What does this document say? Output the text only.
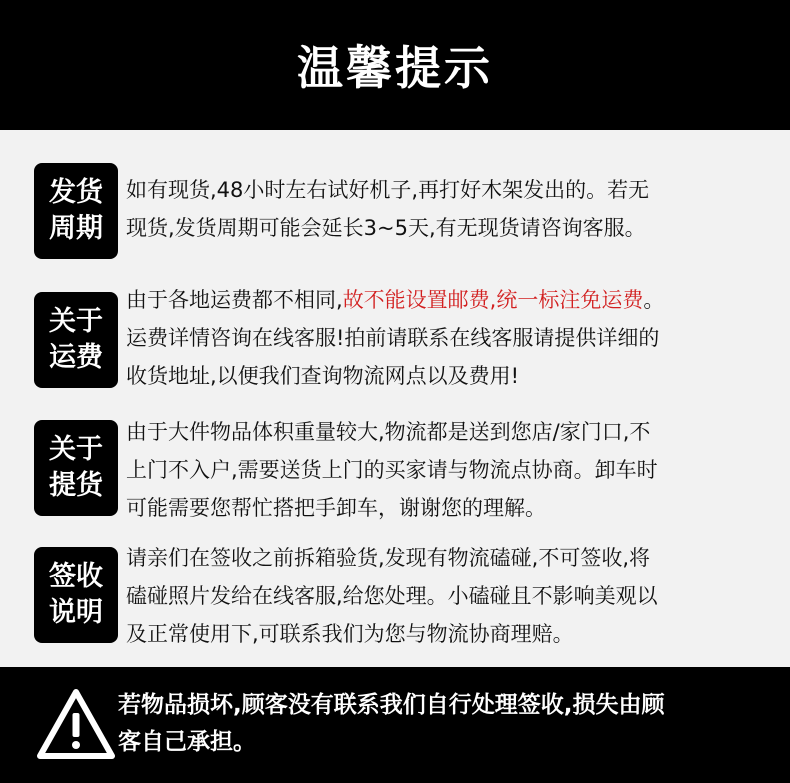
温馨提示
发货
周期
如有现货,48小时左右试好机子,再打好木架发出的。若无
现货,发货周期可能会延长3~5天,有无现货请咨询客服。
关于
运费
由于各地运费都不相同,故不能设置邮费,统一标注免运费。
运费详情咨询在线客服!拍前请联系在线客服请提供详细的
收货地址,以便我们查询物流网点以及费用!
关于
提货
由于大件物品体积重量较大,物流都是送到您店/家门口,不
上门不入户,需要送货上门的买家请与物流点协商。卸车时
可能需要您帮忙搭把手卸车，谢谢您的理解。
签收
说明
请亲们在签收之前拆箱验货,发现有物流磕碰,不可签收,将
磕碰照片发给在线客服,给您处理。小磕碰且不影响美观以
及正常使用下,可联系我们为您与物流协商理赔。
若物品损坏,顾客没有联系我们自行处理签收,损失由顾
客自己承担。
